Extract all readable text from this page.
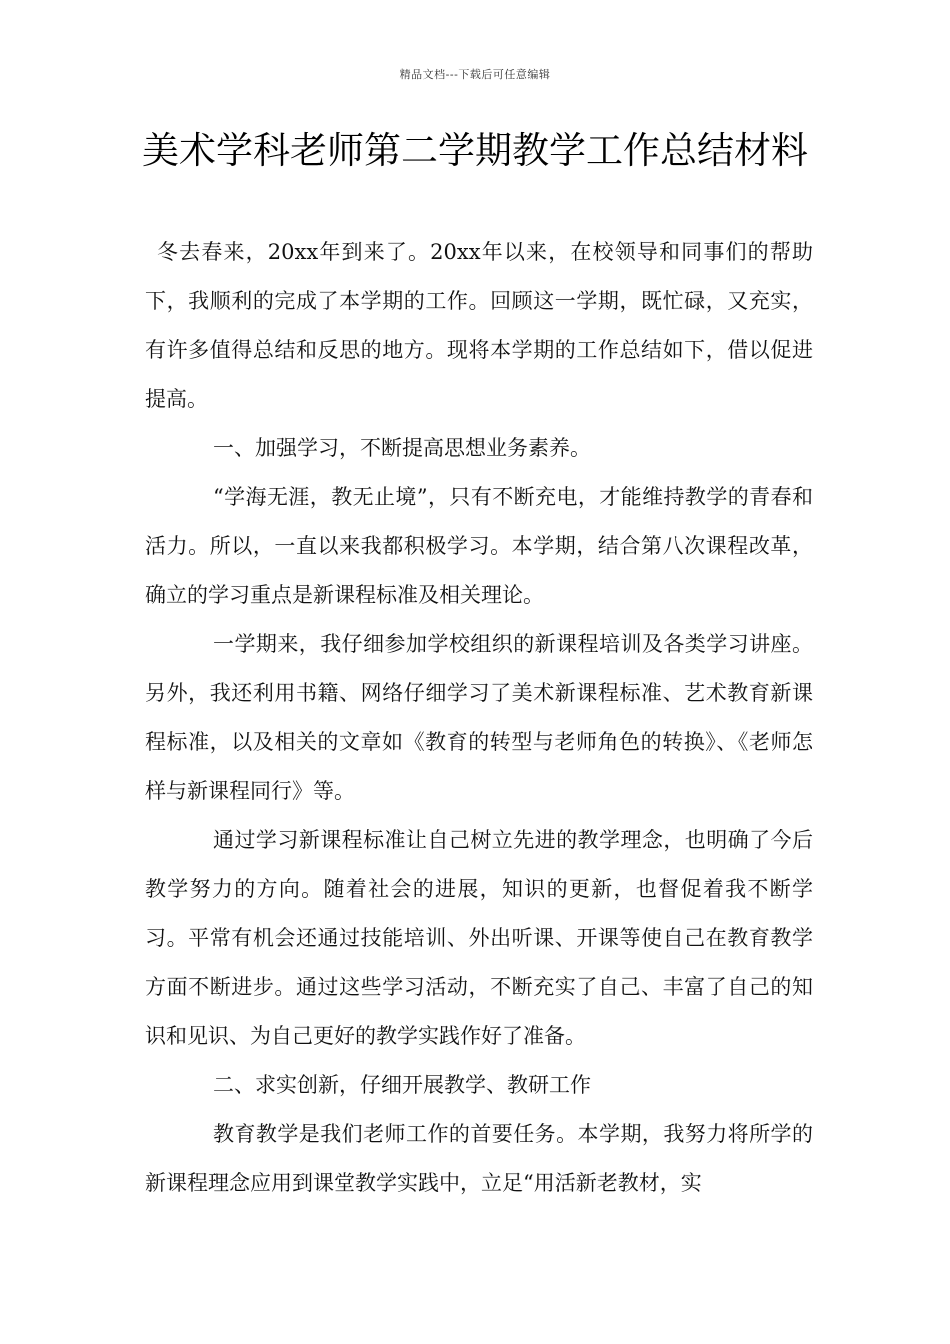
精品文档---下载后可任意编辑
美术学科老师第二学期教学工作总结材料

冬去春来，20xx年到来了。20xx年以来，在校领导和同事们的帮助下，我顺利的完成了本学期的工作。回顾这一学期，既忙碌，又充实，有许多值得总结和反思的地方。现将本学期的工作总结如下，借以促进提高。

一、加强学习，不断提高思想业务素养。

“学海无涯，教无止境”，只有不断充电，才能维持教学的青春和活力。所以，一直以来我都积极学习。本学期，结合第八次课程改革，确立的学习重点是新课程标准及相关理论。

一学期来，我仔细参加学校组织的新课程培训及各类学习讲座。另外，我还利用书籍、网络仔细学习了美术新课程标准、艺术教育新课程标准，以及相关的文章如《教育的转型与老师角色的转换》、《老师怎样与新课程同行》等。

通过学习新课程标准让自己树立先进的教学理念，也明确了今后教学努力的方向。随着社会的进展，知识的更新，也督促着我不断学习。平常有机会还通过技能培训、外出听课、开课等使自己在教育教学方面不断进步。通过这些学习活动，不断充实了自己、丰富了自己的知识和见识、为自己更好的教学实践作好了准备。

二、求实创新，仔细开展教学、教研工作

教育教学是我们老师工作的首要任务。本学期，我努力将所学的新课程理念应用到课堂教学实践中，立足“用活新老教材，实
